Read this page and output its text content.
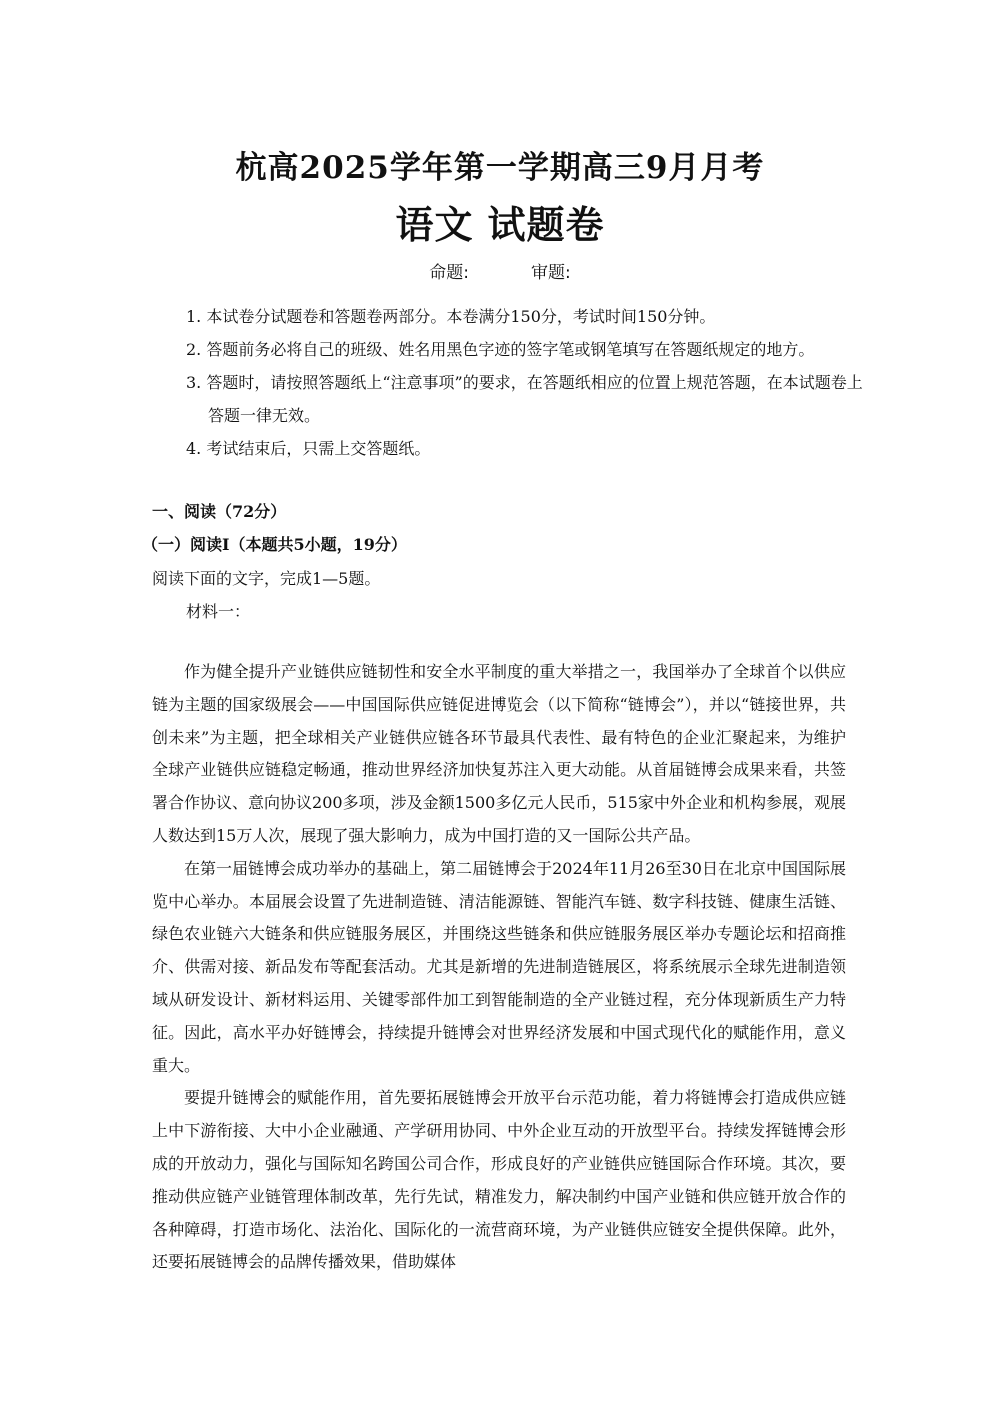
杭高2025学年第一学期高三9月月考
语文 试题卷
命题:	审题:
1. 本试卷分试题卷和答题卷两部分。本卷满分150分，考试时间150分钟。
2. 答题前务必将自己的班级、姓名用黑色字迹的签字笔或钢笔填写在答题纸规定的地方。
3. 答题时，请按照答题纸上“注意事项”的要求，在答题纸相应的位置上规范答题，在本试题卷上答题一律无效。
4. 考试结束后，只需上交答题纸。
一、阅读（72分）
（一）阅读Ⅰ（本题共5小题，19分）
阅读下面的文字，完成1—5题。
材料一：

作为健全提升产业链供应链韧性和安全水平制度的重大举措之一，我国举办了全球首个以供应链为主题的国家级展会——中国国际供应链促进博览会（以下简称“链博会”），并以“链接世界，共创未来”为主题，把全球相关产业链供应链各环节最具代表性、最有特色的企业汇聚起来，为维护全球产业链供应链稳定畅通，推动世界经济加快复苏注入更大动能。从首届链博会成果来看，共签署合作协议、意向协议200多项，涉及金额1500多亿元人民币，515家中外企业和机构参展，观展人数达到15万人次，展现了强大影响力，成为中国打造的又一国际公共产品。

在第一届链博会成功举办的基础上，第二届链博会于2024年11月26至30日在北京中国国际展览中心举办。本届展会设置了先进制造链、清洁能源链、智能汽车链、数字科技链、健康生活链、绿色农业链六大链条和供应链服务展区，并围绕这些链条和供应链服务展区举办专题论坛和招商推介、供需对接、新品发布等配套活动。尤其是新增的先进制造链展区，将系统展示全球先进制造领域从研发设计、新材料运用、关键零部件加工到智能制造的全产业链过程，充分体现新质生产力特征。因此，高水平办好链博会，持续提升链博会对世界经济发展和中国式现代化的赋能作用，意义重大。

要提升链博会的赋能作用，首先要拓展链博会开放平台示范功能，着力将链博会打造成供应链上中下游衔接、大中小企业融通、产学研用协同、中外企业互动的开放型平台。持续发挥链博会形成的开放动力，强化与国际知名跨国公司合作，形成良好的产业链供应链国际合作环境。其次，要推动供应链产业链管理体制改革，先行先试，精准发力，解决制约中国产业链和供应链开放合作的各种障碍，打造市场化、法治化、国际化的一流营商环境，为产业链供应链安全提供保障。此外，还要拓展链博会的品牌传播效果，借助媒体
